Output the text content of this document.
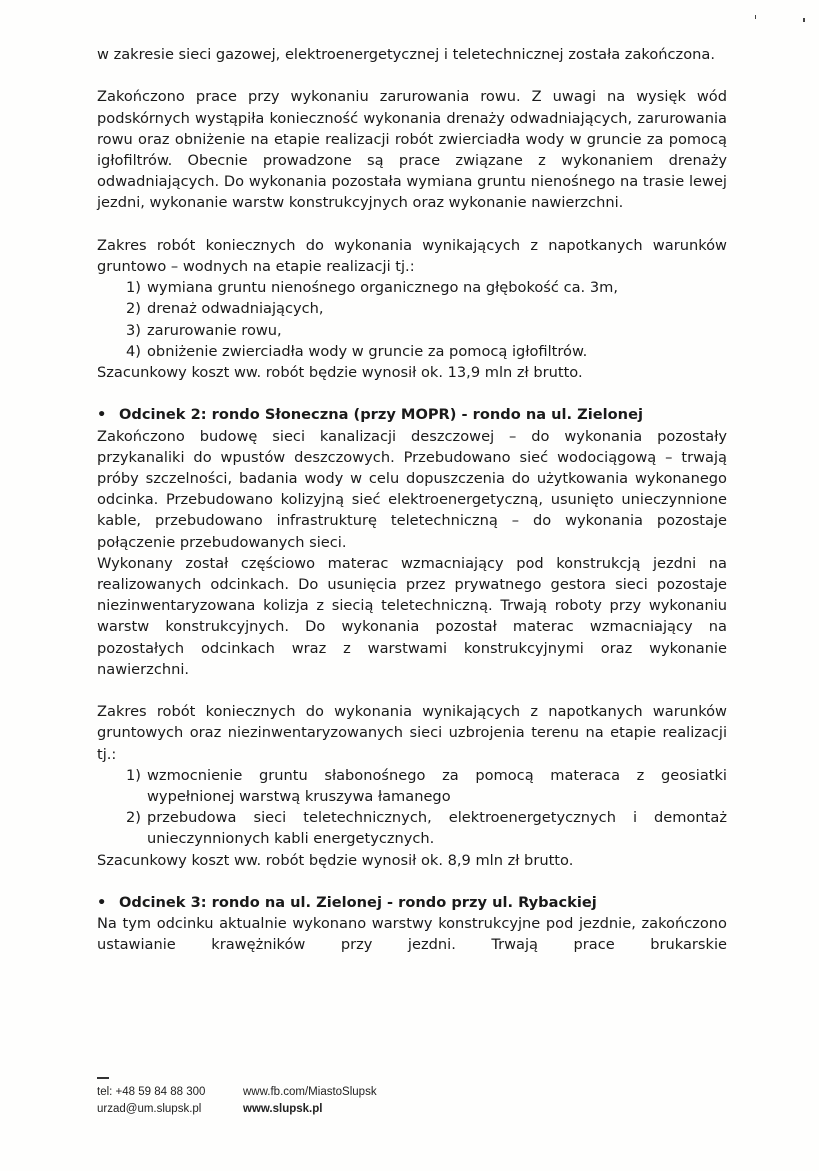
w zakresie sieci gazowej, elektroenergetycznej i teletechnicznej została zakończona.

Zakończono prace przy wykonaniu zarurowania rowu. Z uwagi na wysięk wód podskórnych wystąpiła konieczność wykonania drenaży odwadniających, zarurowania rowu oraz obniżenie na etapie realizacji robót zwierciadła wody w gruncie za pomocą igłofiltrów. Obecnie prowadzone są prace związane z wykonaniem drenaży odwadniających. Do wykonania pozostała wymiana gruntu nienośnego na trasie lewej jezdni, wykonanie warstw konstrukcyjnych oraz wykonanie nawierzchni.

Zakres robót koniecznych do wykonania wynikających z napotkanych warunków gruntowo – wodnych na etapie realizacji tj.:

1) wymiana gruntu nienośnego organicznego na głębokość ca. 3m,
2) drenaż odwadniających,
3) zarurowanie rowu,
4) obniżenie zwierciadła wody w gruncie za pomocą igłofiltrów.

Szacunkowy koszt ww. robót będzie wynosił ok. 13,9 mln zł brutto.

• Odcinek 2: rondo Słoneczna (przy MOPR) - rondo na ul. Zielonej

Zakończono budowę sieci kanalizacji deszczowej – do wykonania pozostały przykanaliki do wpustów deszczowych. Przebudowano sieć wodociągową – trwają próby szczelności, badania wody w celu dopuszczenia do użytkowania wykonanego odcinka. Przebudowano kolizyjną sieć elektroenergetyczną, usunięto unieczynnione kable, przebudowano infrastrukturę teletechniczną – do wykonania pozostaje połączenie przebudowanych sieci.

Wykonany został częściowo materac wzmacniający pod konstrukcją jezdni na realizowanych odcinkach. Do usunięcia przez prywatnego gestora sieci pozostaje niezinwentaryzowana kolizja z siecią teletechniczną. Trwają roboty przy wykonaniu warstw konstrukcyjnych. Do wykonania pozostał materac wzmacniający na pozostałych odcinkach wraz z warstwami konstrukcyjnymi oraz wykonanie nawierzchni.

Zakres robót koniecznych do wykonania wynikających z napotkanych warunków gruntowych oraz niezinwentaryzowanych sieci uzbrojenia terenu na etapie realizacji tj.:

1) wzmocnienie gruntu słabonośnego za pomocą materaca z geosiatki wypełnionej warstwą kruszywa łamanego
2) przebudowa sieci teletechnicznych, elektroenergetycznych i demontaż unieczynnionych kabli energetycznych.

Szacunkowy koszt ww. robót będzie wynosił ok. 8,9 mln zł brutto.

• Odcinek 3: rondo na ul. Zielonej - rondo przy ul. Rybackiej

Na tym odcinku aktualnie wykonano warstwy konstrukcyjne pod jezdnie, zakończono ustawianie krawężników przy jezdni. Trwają prace brukarskie

tel: +48 59 84 88 300	www.fb.com/MiastoSlupsk
urzad@um.slupsk.pl	www.slupsk.pl
